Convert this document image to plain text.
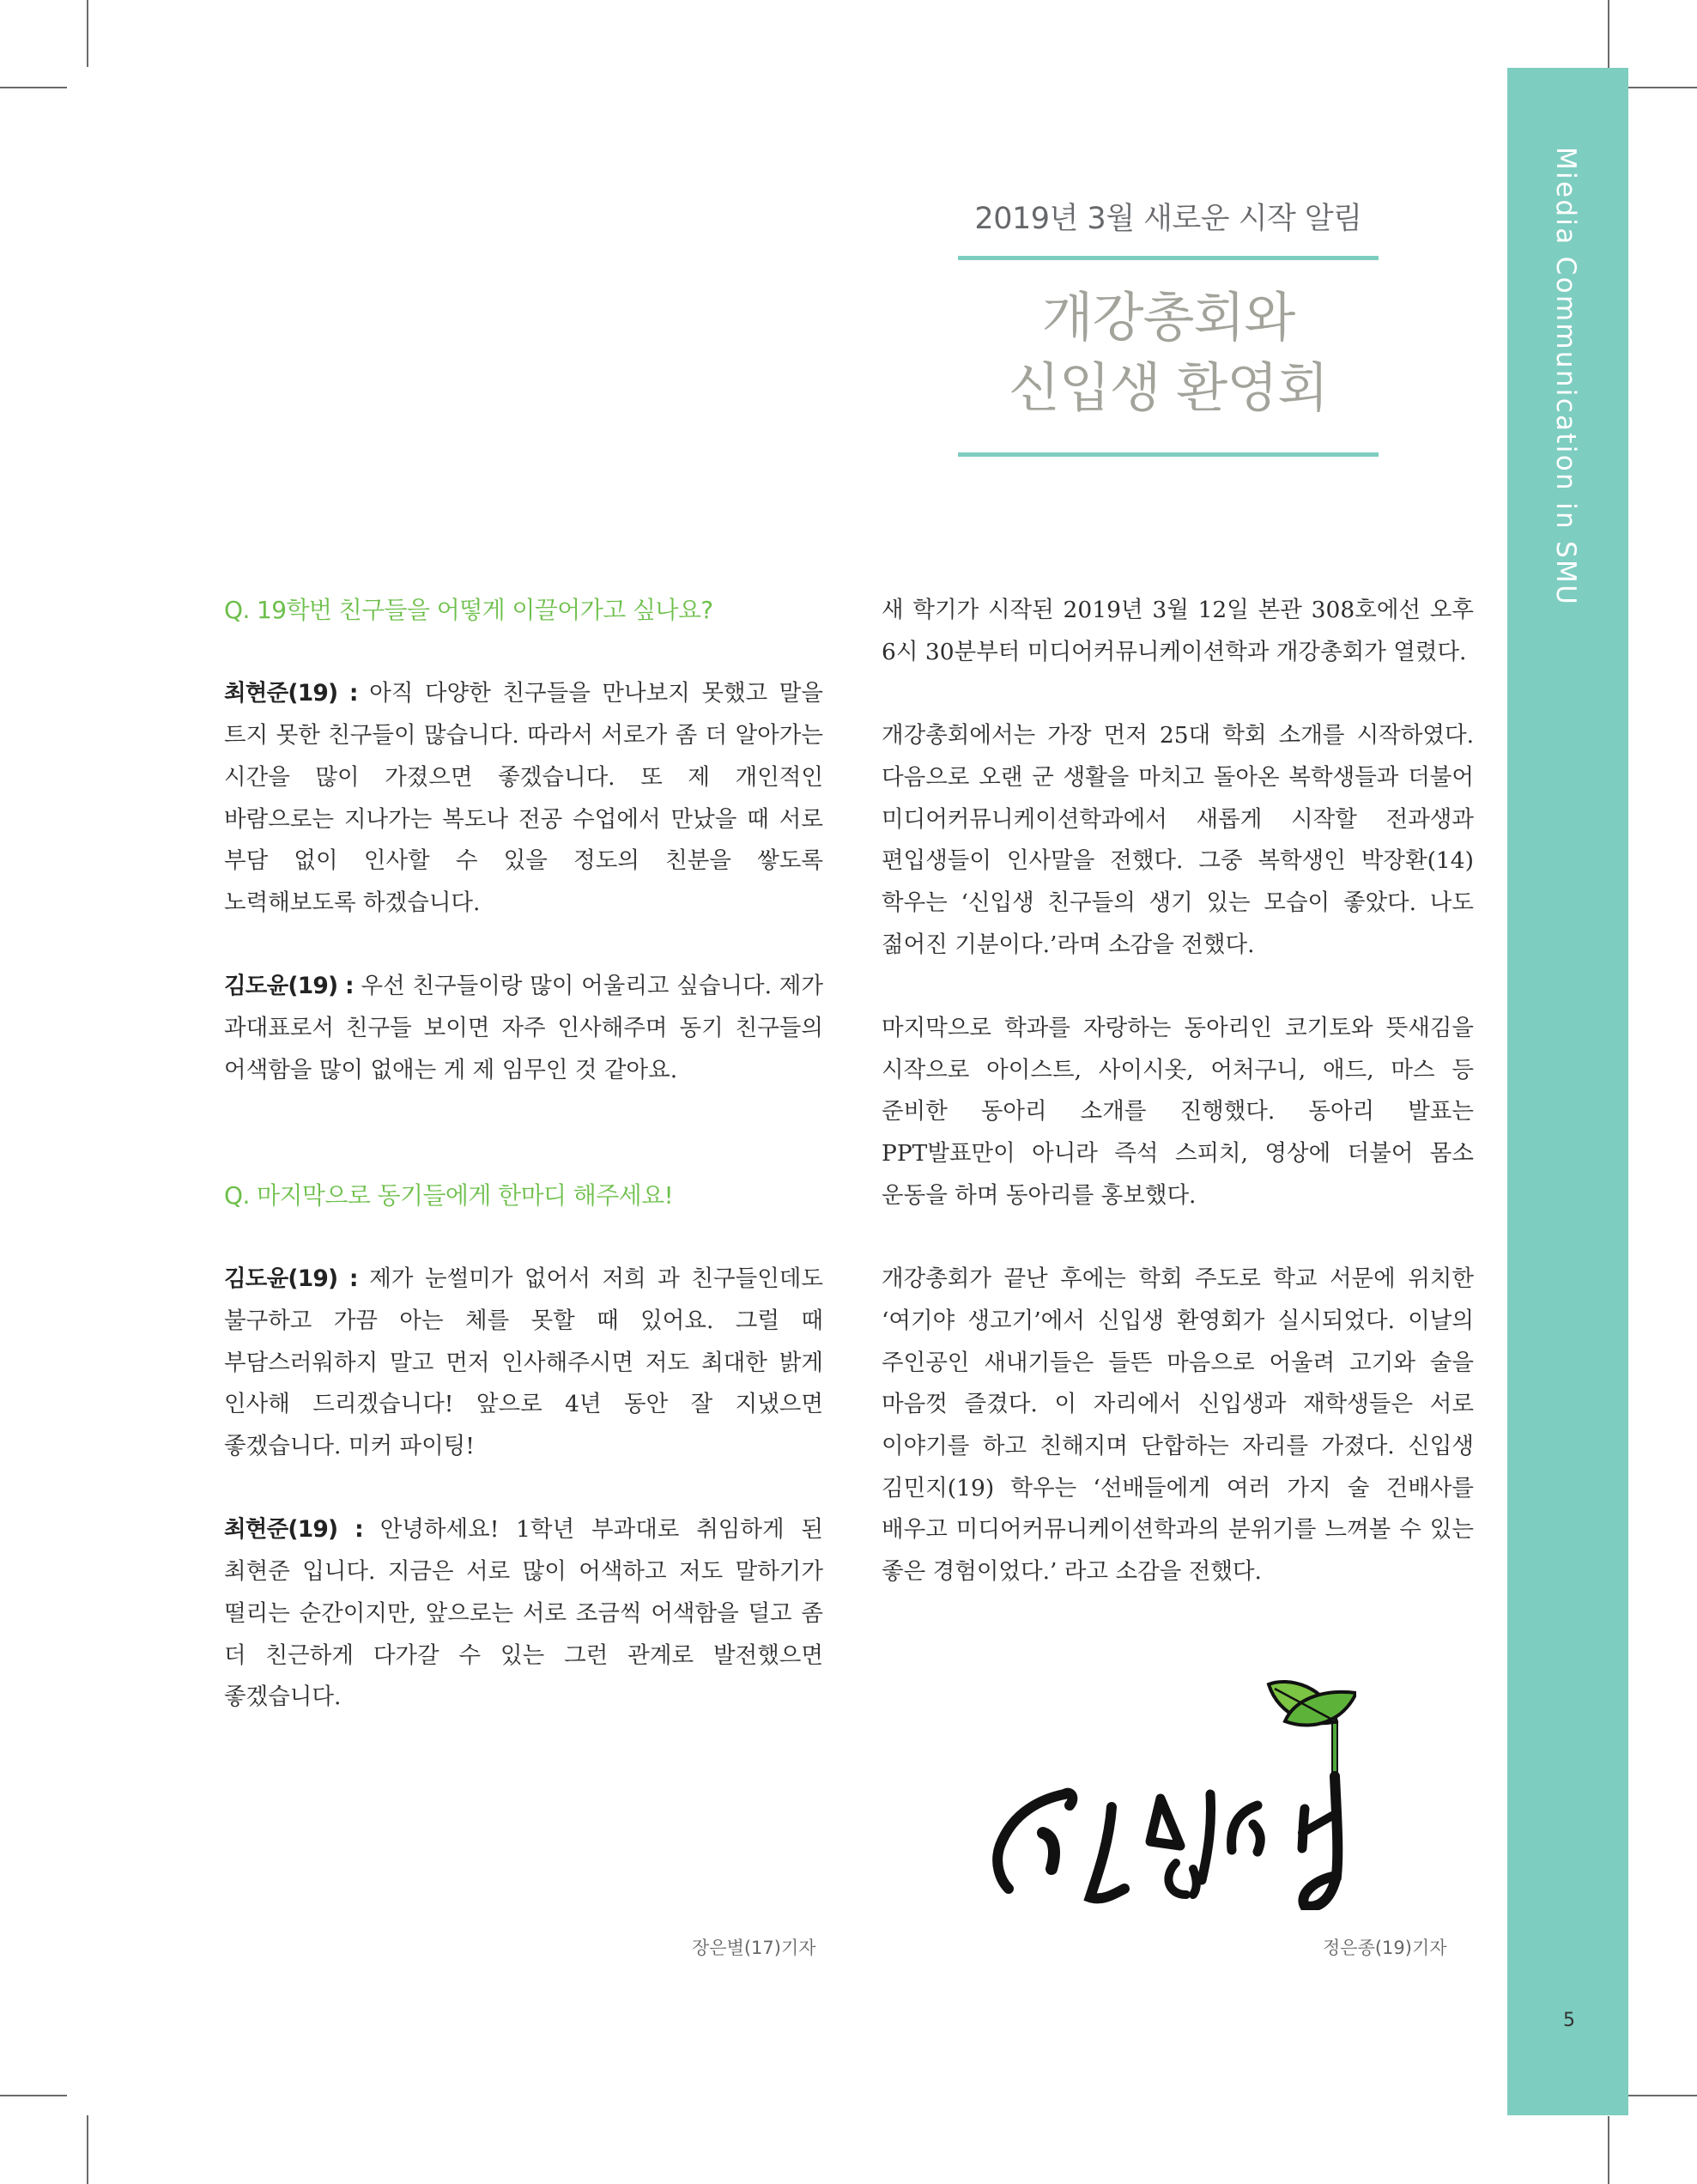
Miedia Communication in SMU
5
2019년 3월 새로운 시작 알림
개강총회와
신입생 환영회

Q. 19학번 친구들을 어떻게 이끌어가고 싶나요?

최현준(19) : 아직 다양한 친구들을 만나보지 못했고 말을 트지 못한 친구들이 많습니다. 따라서 서로가 좀 더 알아가는 시간을 많이 가졌으면 좋겠습니다. 또 제 개인적인 바람으로는 지나가는 복도나 전공 수업에서 만났을 때 서로 부담 없이 인사할 수 있을 정도의 친분을 쌓도록 노력해보도록 하겠습니다.

김도윤(19) : 우선 친구들이랑 많이 어울리고 싶습니다. 제가 과대표로서 친구들 보이면 자주 인사해주며 동기 친구들의 어색함을 많이 없애는 게 제 임무인 것 같아요.

Q. 마지막으로 동기들에게 한마디 해주세요!

김도윤(19) : 제가 눈썰미가 없어서 저희 과 친구들인데도 불구하고 가끔 아는 체를 못할 때 있어요. 그럴 때 부담스러워하지 말고 먼저 인사해주시면 저도 최대한 밝게 인사해 드리겠습니다! 앞으로 4년 동안 잘 지냈으면 좋겠습니다. 미커 파이팅!

최현준(19) : 안녕하세요! 1학년 부과대로 취임하게 된 최현준 입니다. 지금은 서로 많이 어색하고 저도 말하기가 떨리는 순간이지만, 앞으로는 서로 조금씩 어색함을 덜고 좀 더 친근하게 다가갈 수 있는 그런 관계로 발전했으면 좋겠습니다.

새 학기가 시작된 2019년 3월 12일 본관 308호에선 오후 6시 30분부터 미디어커뮤니케이션학과 개강총회가 열렸다.

개강총회에서는 가장 먼저 25대 학회 소개를 시작하였다. 다음으로 오랜 군 생활을 마치고 돌아온 복학생들과 더불어 미디어커뮤니케이션학과에서 새롭게 시작할 전과생과 편입생들이 인사말을 전했다. 그중 복학생인 박장환(14) 학우는 ‘신입생 친구들의 생기 있는 모습이 좋았다. 나도 젊어진 기분이다.’라며 소감을 전했다.

마지막으로 학과를 자랑하는 동아리인 코기토와 뜻새김을 시작으로 아이스트, 사이시옷, 어처구니, 애드, 마스 등 준비한 동아리 소개를 진행했다. 동아리 발표는 PPT발표만이 아니라 즉석 스피치, 영상에 더불어 몸소 운동을 하며 동아리를 홍보했다.

개강총회가 끝난 후에는 학회 주도로 학교 서문에 위치한 ‘여기야 생고기’에서 신입생 환영회가 실시되었다. 이날의 주인공인 새내기들은 들뜬 마음으로 어울려 고기와 술을 마음껏 즐겼다. 이 자리에서 신입생과 재학생들은 서로 이야기를 하고 친해지며 단합하는 자리를 가졌다. 신입생 김민지(19) 학우는 ‘선배들에게 여러 가지 술 건배사를 배우고 미디어커뮤니케이션학과의 분위기를 느껴볼 수 있는 좋은 경험이었다.’ 라고 소감을 전했다.

장은별(17)기자	정은종(19)기자
